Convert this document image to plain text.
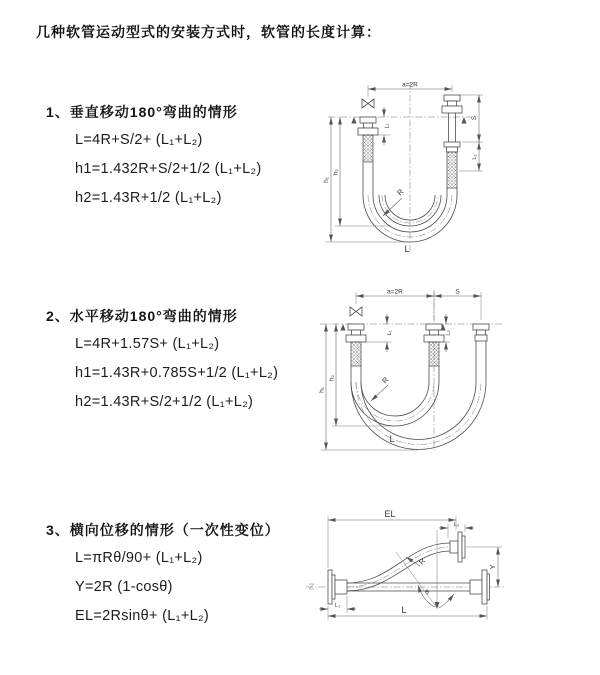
几种软管运动型式的安装方式时，软管的长度计算：
1、垂直移动180°弯曲的情形
L=4R+S/2+ (L₁+L₂)
h1=1.432R+S/2+1/2 (L₁+L₂)
h2=1.43R+1/2 (L₁+L₂)
a=2R
h₁
h₂
L₁
S
L₂
R
L
2、水平移动180°弯曲的情形
L=4R+1.57S+ (L₁+L₂)
h1=1.43R+0.785S+1/2 (L₁+L₂)
h2=1.43R+S/2+1/2 (L₁+L₂)
a=2R	S
h₁
h₂
L₁	L₂
R
L
3、横向位移的情形（一次性变位）
L=πRθ/90+ (L₁+L₂)
Y=2R (1-cosθ)
EL=2Rsinθ+ (L₁+L₂)
EL
L₂
Y
L
L₁
R
θ
